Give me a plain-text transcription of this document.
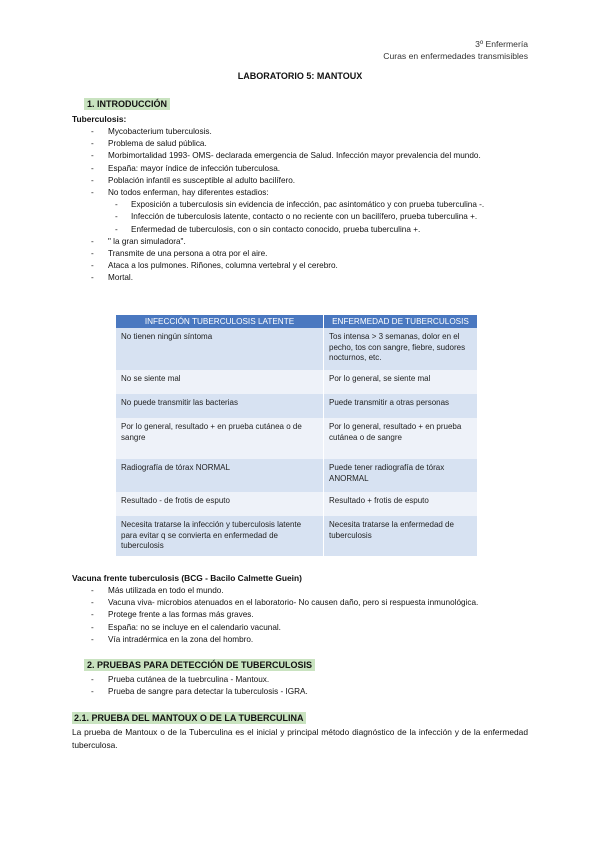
3º Enfermería
Curas en enfermedades transmisibles
LABORATORIO 5: MANTOUX
1. INTRODUCCIÓN
Tuberculosis:
- Mycobacterium tuberculosis.
- Problema de salud pública.
- Morbimortalidad 1993- OMS- declarada emergencia de Salud. Infección mayor prevalencia del mundo.
- España: mayor índice de infección tuberculosa.
- Población infantil es susceptible al adulto bacilífero.
- No todos enferman, hay diferentes estadios:
- Exposición a tuberculosis sin evidencia de infección, pac asintomático y con prueba tuberculina -.
- Infección de tuberculosis latente, contacto o no reciente con un bacilífero, prueba tuberculina +.
- Enfermedad de tuberculosis, con o sin contacto conocido, prueba tuberculina +.
- " la gran simuladora".
- Transmite de una persona a otra por el aire.
- Ataca a los pulmones. Riñones, columna vertebral y el cerebro.
- Mortal.
INFECCIÓN TUBERCULOSIS LATENTE	ENFERMEDAD DE TUBERCULOSIS
No tienen ningún síntoma	Tos intensa > 3 semanas, dolor en el pecho, tos con sangre, fiebre, sudores nocturnos, etc.
No se siente mal	Por lo general, se siente mal
No puede transmitir las bacterias	Puede transmitir a otras personas
Por lo general, resultado + en prueba cutánea o de sangre	Por lo general, resultado + en prueba cutánea o de sangre
Radiografía de tórax NORMAL	Puede tener radiografía de tórax ANORMAL
Resultado - de frotis de esputo	Resultado + frotis de esputo
Necesita tratarse la infección y tuberculosis latente para evitar q se convierta en enfermedad de tuberculosis	Necesita tratarse la enfermedad de tuberculosis
Vacuna frente tuberculosis (BCG - Bacilo Calmette Guein)
- Más utilizada en todo el mundo.
- Vacuna viva- microbios atenuados en el laboratorio- No causen daño, pero si respuesta inmunológica.
- Protege frente a las formas más graves.
- España: no se incluye en el calendario vacunal.
- Vía intradérmica en la zona del hombro.
2. PRUEBAS PARA DETECCIÓN DE TUBERCULOSIS
- Prueba cutánea de la tuebrculina - Mantoux.
- Prueba de sangre para detectar la tuberculosis - IGRA.
2.1. PRUEBA DEL MANTOUX O DE LA TUBERCULINA
La prueba de Mantoux o de la Tuberculina es el inicial y principal método diagnóstico de la infección y de la enfermedad tuberculosa.
